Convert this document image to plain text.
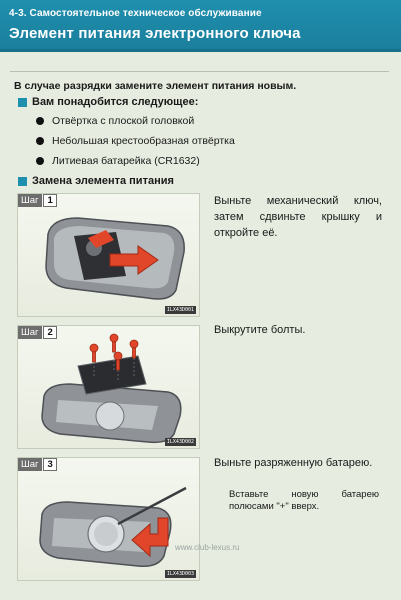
4-3. Самостоятельное техническое обслуживание
Элемент питания электронного ключа
В случае разрядки замените элемент питания новым.
Вам понадобится следующее:
Отвёртка с плоской головкой
Небольшая крестообразная отвёртка
Литиевая батарейка (CR1632)
Замена элемента питания
Шаг 1
ILX43D001
Выньте механический ключ, затем сдвиньте крышку и откройте её.
Шаг 2
ILX43D002
Выкрутите болты.
Шаг 3
ILX43D003
Выньте разряженную батарею.
Вставьте новую батарею полюсами "+" вверх.
www.club-lexus.ru
